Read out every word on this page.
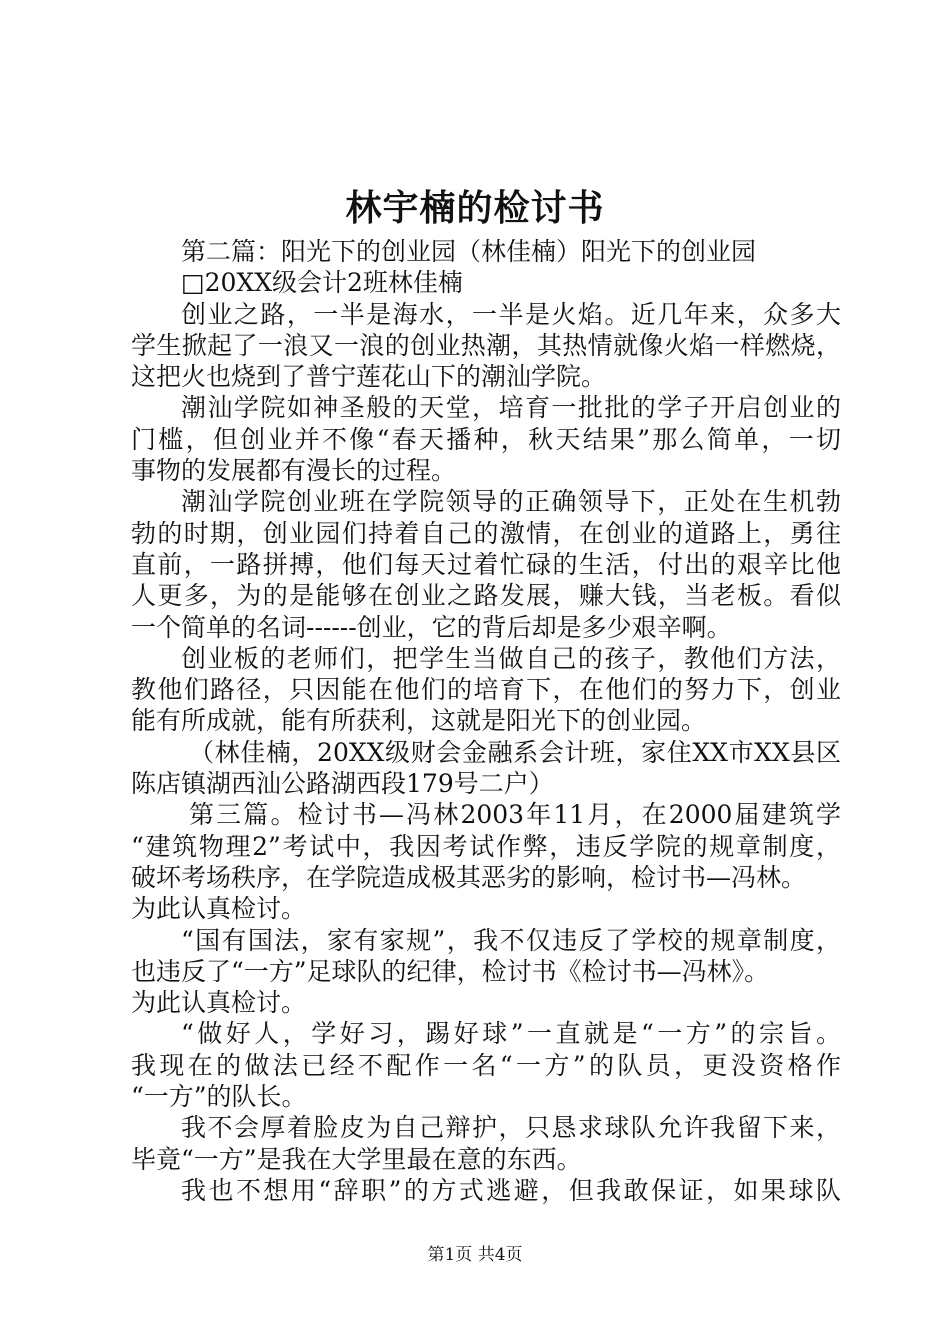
林宇楠的检讨书
第二篇：阳光下的创业园（林佳楠）阳光下的创业园
□20XX级会计2班林佳楠
创业之路，一半是海水，一半是火焰。近几年来，众多大
学生掀起了一浪又一浪的创业热潮，其热情就像火焰一样燃烧，
这把火也烧到了普宁莲花山下的潮汕学院。
潮汕学院如神圣般的天堂，培育一批批的学子开启创业的
门槛，但创业并不像“春天播种，秋天结果”那么简单，一切
事物的发展都有漫长的过程。
潮汕学院创业班在学院领导的正确领导下，正处在生机勃
勃的时期，创业园们持着自己的激情，在创业的道路上，勇往
直前，一路拼搏，他们每天过着忙碌的生活，付出的艰辛比他
人更多，为的是能够在创业之路发展，赚大钱，当老板。看似
一个简单的名词------创业，它的背后却是多少艰辛啊。
创业板的老师们，把学生当做自己的孩子，教他们方法，
教他们路径，只因能在他们的培育下，在他们的努力下，创业
能有所成就，能有所获利，这就是阳光下的创业园。
（林佳楠，20XX级财会金融系会计班，家住XX市XX县区
陈店镇湖西汕公路湖西段179号二户）
第三篇。检讨书—冯林2003年11月，在2000届建筑学
“建筑物理2”考试中，我因考试作弊，违反学院的规章制度，
破坏考场秩序，在学院造成极其恶劣的影响，检讨书—冯林。
为此认真检讨。
“国有国法，家有家规”，我不仅违反了学校的规章制度，
也违反了“一方”足球队的纪律，检讨书《检讨书—冯林》。
为此认真检讨。
“做好人，学好习，踢好球”一直就是“一方”的宗旨。
我现在的做法已经不配作一名“一方”的队员，更没资格作
“一方”的队长。
我不会厚着脸皮为自己辩护，只恳求球队允许我留下来，
毕竟“一方”是我在大学里最在意的东西。
我也不想用“辞职”的方式逃避，但我敢保证，如果球队
第1页 共4页
